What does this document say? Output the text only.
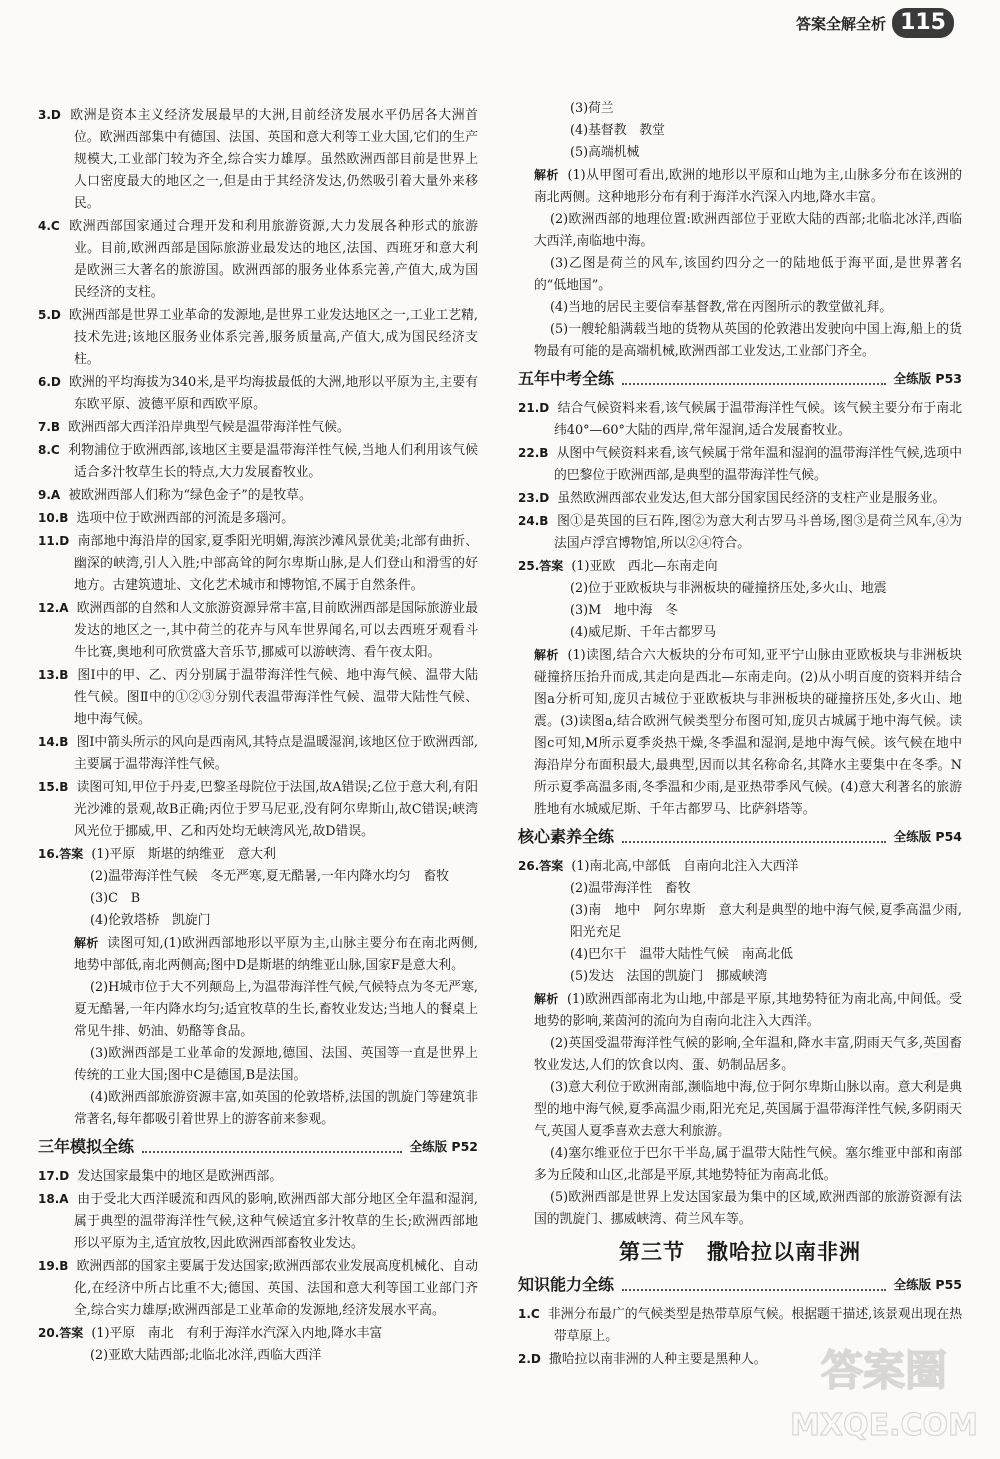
答案全解全析 115

3.D 欧洲是资本主义经济发展最早的大洲,目前经济发展水平仍居各大洲首位。欧洲西部集中有德国、法国、英国和意大利等工业大国,它们的生产规模大,工业部门较为齐全,综合实力雄厚。虽然欧洲西部目前是世界上人口密度最大的地区之一,但是由于其经济发达,仍然吸引着大量外来移民。

4.C 欧洲西部国家通过合理开发和利用旅游资源,大力发展各种形式的旅游业。目前,欧洲西部是国际旅游业最发达的地区,法国、西班牙和意大利是欧洲三大著名的旅游国。欧洲西部的服务业体系完善,产值大,成为国民经济的支柱。

5.D 欧洲西部是世界工业革命的发源地,是世界工业发达地区之一,工业工艺精,技术先进;该地区服务业体系完善,服务质量高,产值大,成为国民经济支柱。

6.D 欧洲的平均海拔为340米,是平均海拔最低的大洲,地形以平原为主,主要有东欧平原、波德平原和西欧平原。

7.B 欧洲西部大西洋沿岸典型气候是温带海洋性气候。

8.C 利物浦位于欧洲西部,该地区主要是温带海洋性气候,当地人们利用该气候适合多汁牧草生长的特点,大力发展畜牧业。

9.A 被欧洲西部人们称为“绿色金子”的是牧草。

10.B 选项中位于欧洲西部的河流是多瑙河。

11.D 南部地中海沿岸的国家,夏季阳光明媚,海滨沙滩风景优美;北部有曲折、幽深的峡湾,引人入胜;中部高耸的阿尔卑斯山脉,是人们登山和滑雪的好地方。古建筑遗址、文化艺术城市和博物馆,不属于自然条件。

12.A 欧洲西部的自然和人文旅游资源异常丰富,目前欧洲西部是国际旅游业最发达的地区之一,其中荷兰的花卉与风车世界闻名,可以去西班牙观看斗牛比赛,奥地利可欣赏盛大音乐节,挪威可以游峡湾、看午夜太阳。

13.B 图Ⅰ中的甲、乙、丙分别属于温带海洋性气候、地中海气候、温带大陆性气候。图Ⅱ中的①②③分别代表温带海洋性气候、温带大陆性气候、地中海气候。

14.B 图Ⅰ中箭头所示的风向是西南风,其特点是温暖湿润,该地区位于欧洲西部,主要属于温带海洋性气候。

15.B 读图可知,甲位于丹麦,巴黎圣母院位于法国,故A错误;乙位于意大利,有阳光沙滩的景观,故B正确;丙位于罗马尼亚,没有阿尔卑斯山,故C错误;峡湾风光位于挪威,甲、乙和丙处均无峡湾风光,故D错误。

16.答案 (1)平原　斯堪的纳维亚　意大利

(2)温带海洋性气候　冬无严寒,夏无酷暑,一年内降水均匀　畜牧

(3)C　B

(4)伦敦塔桥　凯旋门

解析 读图可知,(1)欧洲西部地形以平原为主,山脉主要分布在南北两侧,地势中部低,南北两侧高;图中D是斯堪的纳维亚山脉,国家F是意大利。

(2)H城市位于大不列颠岛上,为温带海洋性气候,气候特点为冬无严寒,夏无酷暑,一年内降水均匀;适宜牧草的生长,畜牧业发达;当地人的餐桌上常见牛排、奶油、奶酪等食品。

(3)欧洲西部是工业革命的发源地,德国、法国、英国等一直是世界上传统的工业大国;图中C是德国,B是法国。

(4)欧洲西部旅游资源丰富,如英国的伦敦塔桥,法国的凯旋门等建筑非常著名,每年都吸引着世界上的游客前来参观。

三年模拟全练	全练版 P52

17.D 发达国家最集中的地区是欧洲西部。

18.A 由于受北大西洋暖流和西风的影响,欧洲西部大部分地区全年温和湿润,属于典型的温带海洋性气候,这种气候适宜多汁牧草的生长;欧洲西部地形以平原为主,适宜放牧,因此欧洲西部畜牧业发达。

19.B 欧洲西部的国家主要属于发达国家;欧洲西部农业发展高度机械化、自动化,在经济中所占比重不大;德国、英国、法国和意大利等国工业部门齐全,综合实力雄厚;欧洲西部是工业革命的发源地,经济发展水平高。

20.答案 (1)平原　南北　有利于海洋水汽深入内地,降水丰富

(2)亚欧大陆西部;北临北冰洋,西临大西洋

(3)荷兰

(4)基督教　教堂

(5)高端机械

解析 (1)从甲图可看出,欧洲的地形以平原和山地为主,山脉多分布在该洲的南北两侧。这种地形分布有利于海洋水汽深入内地,降水丰富。

(2)欧洲西部的地理位置:欧洲西部位于亚欧大陆的西部;北临北冰洋,西临大西洋,南临地中海。

(3)乙图是荷兰的风车,该国约四分之一的陆地低于海平面,是世界著名的“低地国”。

(4)当地的居民主要信奉基督教,常在丙图所示的教堂做礼拜。

(5)一艘轮船满载当地的货物从英国的伦敦港出发驶向中国上海,船上的货物最有可能的是高端机械,欧洲西部工业发达,工业部门齐全。

五年中考全练	全练版 P53

21.D 结合气候资料来看,该气候属于温带海洋性气候。该气候主要分布于南北纬40°—60°大陆的西岸,常年湿润,适合发展畜牧业。

22.B 从图中气候资料来看,该气候属于常年温和湿润的温带海洋性气候,选项中的巴黎位于欧洲西部,是典型的温带海洋性气候。

23.D 虽然欧洲西部农业发达,但大部分国家国民经济的支柱产业是服务业。

24.B 图①是英国的巨石阵,图②为意大利古罗马斗兽场,图③是荷兰风车,④为法国卢浮宫博物馆,所以②④符合。

25.答案 (1)亚欧　西北—东南走向

(2)位于亚欧板块与非洲板块的碰撞挤压处,多火山、地震

(3)M　地中海　冬

(4)威尼斯、千年古都罗马

解析 (1)读图,结合六大板块的分布可知,亚平宁山脉由亚欧板块与非洲板块碰撞挤压抬升而成,其走向是西北—东南走向。(2)从小明百度的资料并结合图a分析可知,庞贝古城位于亚欧板块与非洲板块的碰撞挤压处,多火山、地震。(3)读图a,结合欧洲气候类型分布图可知,庞贝古城属于地中海气候。读图c可知,M所示夏季炎热干燥,冬季温和湿润,是地中海气候。该气候在地中海沿岸分布面积最大,最典型,因而以其名称命名,其降水主要集中在冬季。N所示夏季高温多雨,冬季温和少雨,是亚热带季风气候。(4)意大利著名的旅游胜地有水城威尼斯、千年古都罗马、比萨斜塔等。

核心素养全练	全练版 P54

26.答案 (1)南北高,中部低　自南向北注入大西洋

(2)温带海洋性　畜牧

(3)南　地中　阿尔卑斯　意大利是典型的地中海气候,夏季高温少雨,阳光充足

(4)巴尔干　温带大陆性气候　南高北低

(5)发达　法国的凯旋门　挪威峡湾

解析 (1)欧洲西部南北为山地,中部是平原,其地势特征为南北高,中间低。受地势的影响,莱茵河的流向为自南向北注入大西洋。

(2)英国受温带海洋性气候的影响,全年温和,降水丰富,阴雨天气多,英国畜牧业发达,人们的饮食以肉、蛋、奶制品居多。

(3)意大利位于欧洲南部,濒临地中海,位于阿尔卑斯山脉以南。意大利是典型的地中海气候,夏季高温少雨,阳光充足,英国属于温带海洋性气候,多阴雨天气,英国人夏季喜欢去意大利旅游。

(4)塞尔维亚位于巴尔干半岛,属于温带大陆性气候。塞尔维亚中部和南部多为丘陵和山区,北部是平原,其地势特征为南高北低。

(5)欧洲西部是世界上发达国家最为集中的区域,欧洲西部的旅游资源有法国的凯旋门、挪威峡湾、荷兰风车等。

第三节　撒哈拉以南非洲
知识能力全练	全练版 P55

1.C 非洲分布最广的气候类型是热带草原气候。根据题干描述,该景观出现在热带草原上。

2.D 撒哈拉以南非洲的人种主要是黑种人。	答案圈
MXQE.COM
